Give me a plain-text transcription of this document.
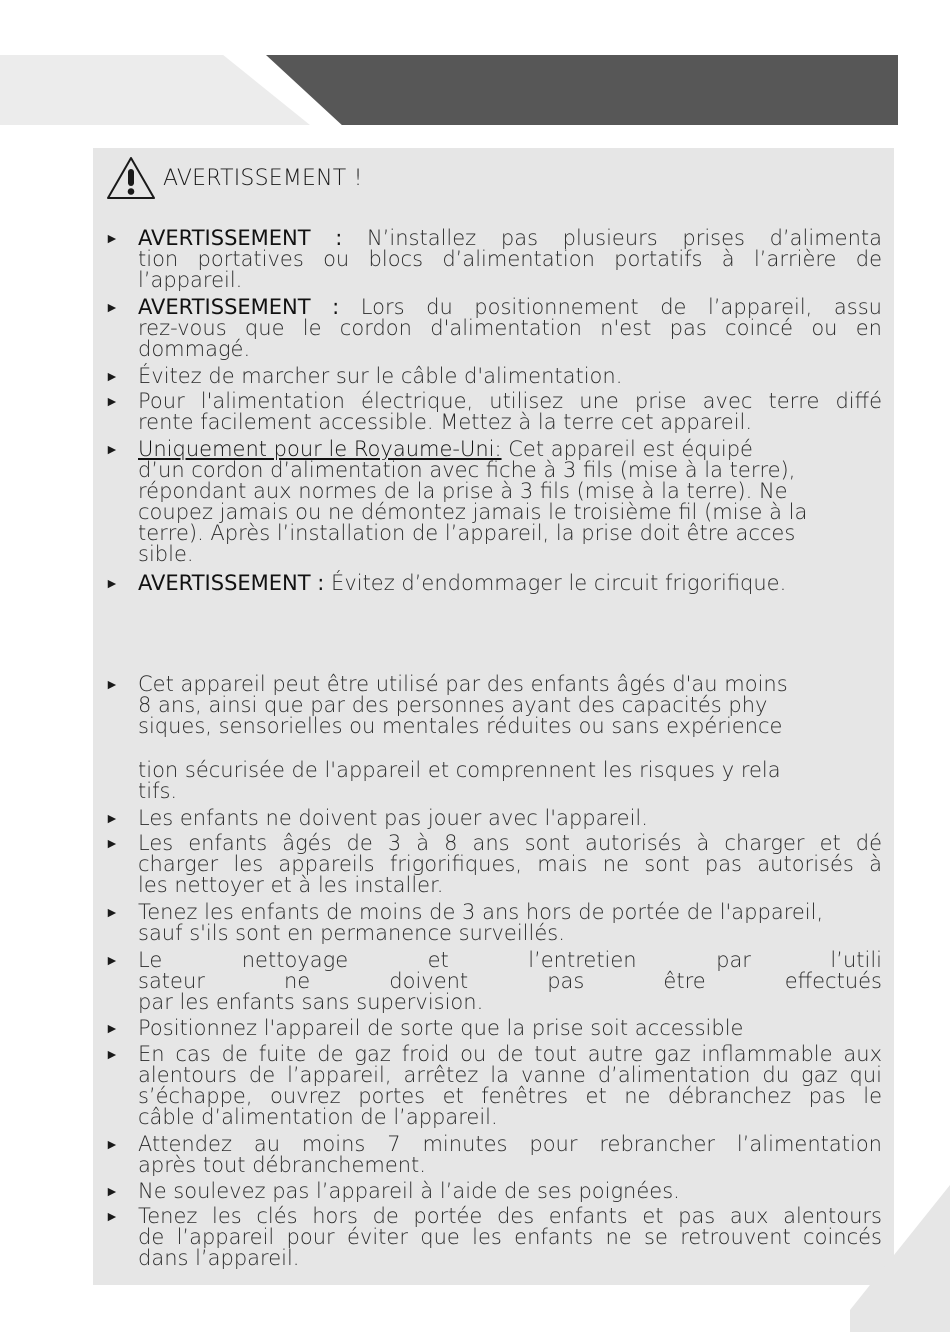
AVERTISSEMENT !
► AVERTISSEMENT : N’installez pas plusieurs prises d’alimenta
tion portatives ou blocs d’alimentation portatifs à l’arrière de
l’appareil.
► AVERTISSEMENT : Lors du positionnement de l’appareil, assu
rez-vous que le cordon d'alimentation n'est pas coincé ou en
dommagé.
► Évitez de marcher sur le câble d'alimentation.
► Pour l'alimentation électrique, utilisez une prise avec terre diffé
rente facilement accessible. Mettez à la terre cet appareil.
► Uniquement pour le Royaume-Uni: Cet appareil est équipé
d’un cordon d’alimentation avec fiche à 3 fils (mise à la terre),
répondant aux normes de la prise à 3 fils (mise à la terre). Ne
coupez jamais ou ne démontez jamais le troisième fil (mise à la
terre). Après l’installation de l’appareil, la prise doit être acces
sible.
► AVERTISSEMENT : Évitez d’endommager le circuit frigorifique.
► Cet appareil peut être utilisé par des enfants âgés d'au moins
8 ans, ainsi que par des personnes ayant des capacités phy
siques, sensorielles ou mentales réduites ou sans expérience
tion sécurisée de l'appareil et comprennent les risques y rela
tifs.
► Les enfants ne doivent pas jouer avec l'appareil.
► Les enfants âgés de 3 à 8 ans sont autorisés à charger et dé
charger les appareils frigorifiques, mais ne sont pas autorisés à
les nettoyer et à les installer.
► Tenez les enfants de moins de 3 ans hors de portée de l'appareil,
sauf s'ils sont en permanence surveillés.
► Le nettoyage et l’entretien par l’utili
sateur ne doivent pas être effectués
par les enfants sans supervision.
► Positionnez l'appareil de sorte que la prise soit accessible
► En cas de fuite de gaz froid ou de tout autre gaz inflammable aux
alentours de l’appareil, arrêtez la vanne d’alimentation du gaz qui
s’échappe, ouvrez portes et fenêtres et ne débranchez pas le
câble d’alimentation de l’appareil.
► Attendez au moins 7 minutes pour rebrancher l’alimentation
après tout débranchement.
► Ne soulevez pas l’appareil à l’aide de ses poignées.
► Tenez les clés hors de portée des enfants et pas aux alentours
de l’appareil pour éviter que les enfants ne se retrouvent coincés
dans l’appareil.
